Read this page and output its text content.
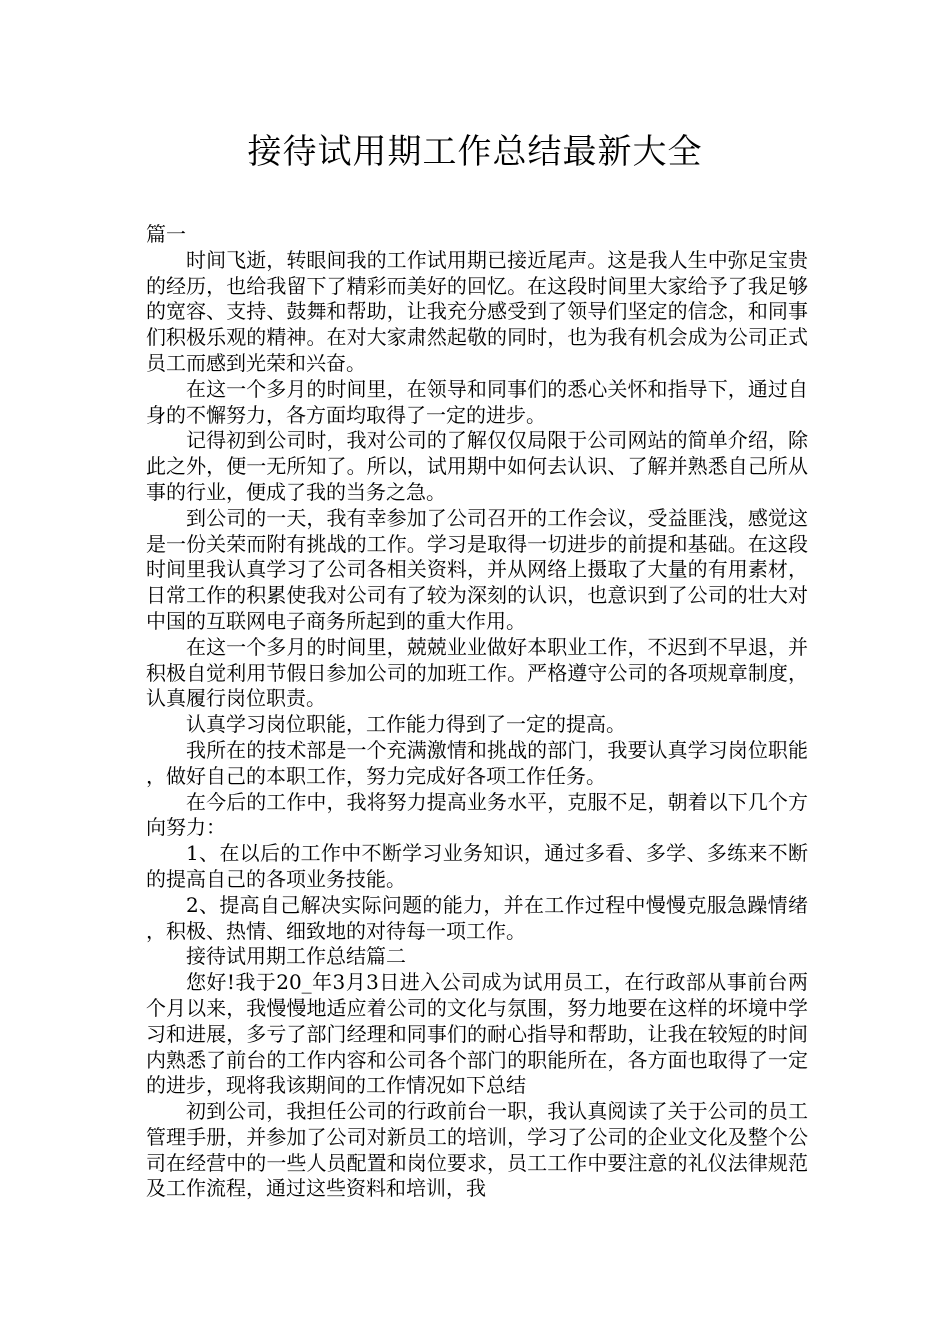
接待试用期工作总结最新大全

篇一

时间飞逝，转眼间我的工作试用期已接近尾声。这是我人生中弥足宝贵的经历，也给我留下了精彩而美好的回忆。在这段时间里大家给予了我足够的宽容、支持、鼓舞和帮助，让我充分感受到了领导们坚定的信念，和同事们积极乐观的精神。在对大家肃然起敬的同时，也为我有机会成为公司正式员工而感到光荣和兴奋。

在这一个多月的时间里，在领导和同事们的悉心关怀和指导下，通过自身的不懈努力，各方面均取得了一定的进步。

记得初到公司时，我对公司的了解仅仅局限于公司网站的简单介绍，除此之外，便一无所知了。所以，试用期中如何去认识、了解并熟悉自己所从事的行业，便成了我的当务之急。

到公司的一天，我有幸参加了公司召开的工作会议，受益匪浅，感觉这是一份关荣而附有挑战的工作。学习是取得一切进步的前提和基础。在这段时间里我认真学习了公司各相关资料，并从网络上摄取了大量的有用素材，日常工作的积累使我对公司有了较为深刻的认识，也意识到了公司的壮大对中国的互联网电子商务所起到的重大作用。

在这一个多月的时间里，兢兢业业做好本职业工作，不迟到不早退，并积极自觉利用节假日参加公司的加班工作。严格遵守公司的各项规章制度，认真履行岗位职责。

认真学习岗位职能，工作能力得到了一定的提高。

我所在的技术部是一个充满激情和挑战的部门，我要认真学习岗位职能，做好自己的本职工作，努力完成好各项工作任务。

在今后的工作中，我将努力提高业务水平，克服不足，朝着以下几个方向努力：

1、在以后的工作中不断学习业务知识，通过多看、多学、多练来不断的提高自己的各项业务技能。

2、提高自己解决实际问题的能力，并在工作过程中慢慢克服急躁情绪，积极、热情、细致地的对待每一项工作。

接待试用期工作总结篇二

您好!我于20_年3月3日进入公司成为试用员工，在行政部从事前台两个月以来，我慢慢地适应着公司的文化与氛围，努力地要在这样的坏境中学习和进展，多亏了部门经理和同事们的耐心指导和帮助，让我在较短的时间内熟悉了前台的工作内容和公司各个部门的职能所在，各方面也取得了一定的进步，现将我该期间的工作情况如下总结

初到公司，我担任公司的行政前台一职，我认真阅读了关于公司的员工管理手册，并参加了公司对新员工的培训，学习了公司的企业文化及整个公司在经营中的一些人员配置和岗位要求，员工工作中要注意的礼仪法律规范及工作流程，通过这些资料和培训，我
